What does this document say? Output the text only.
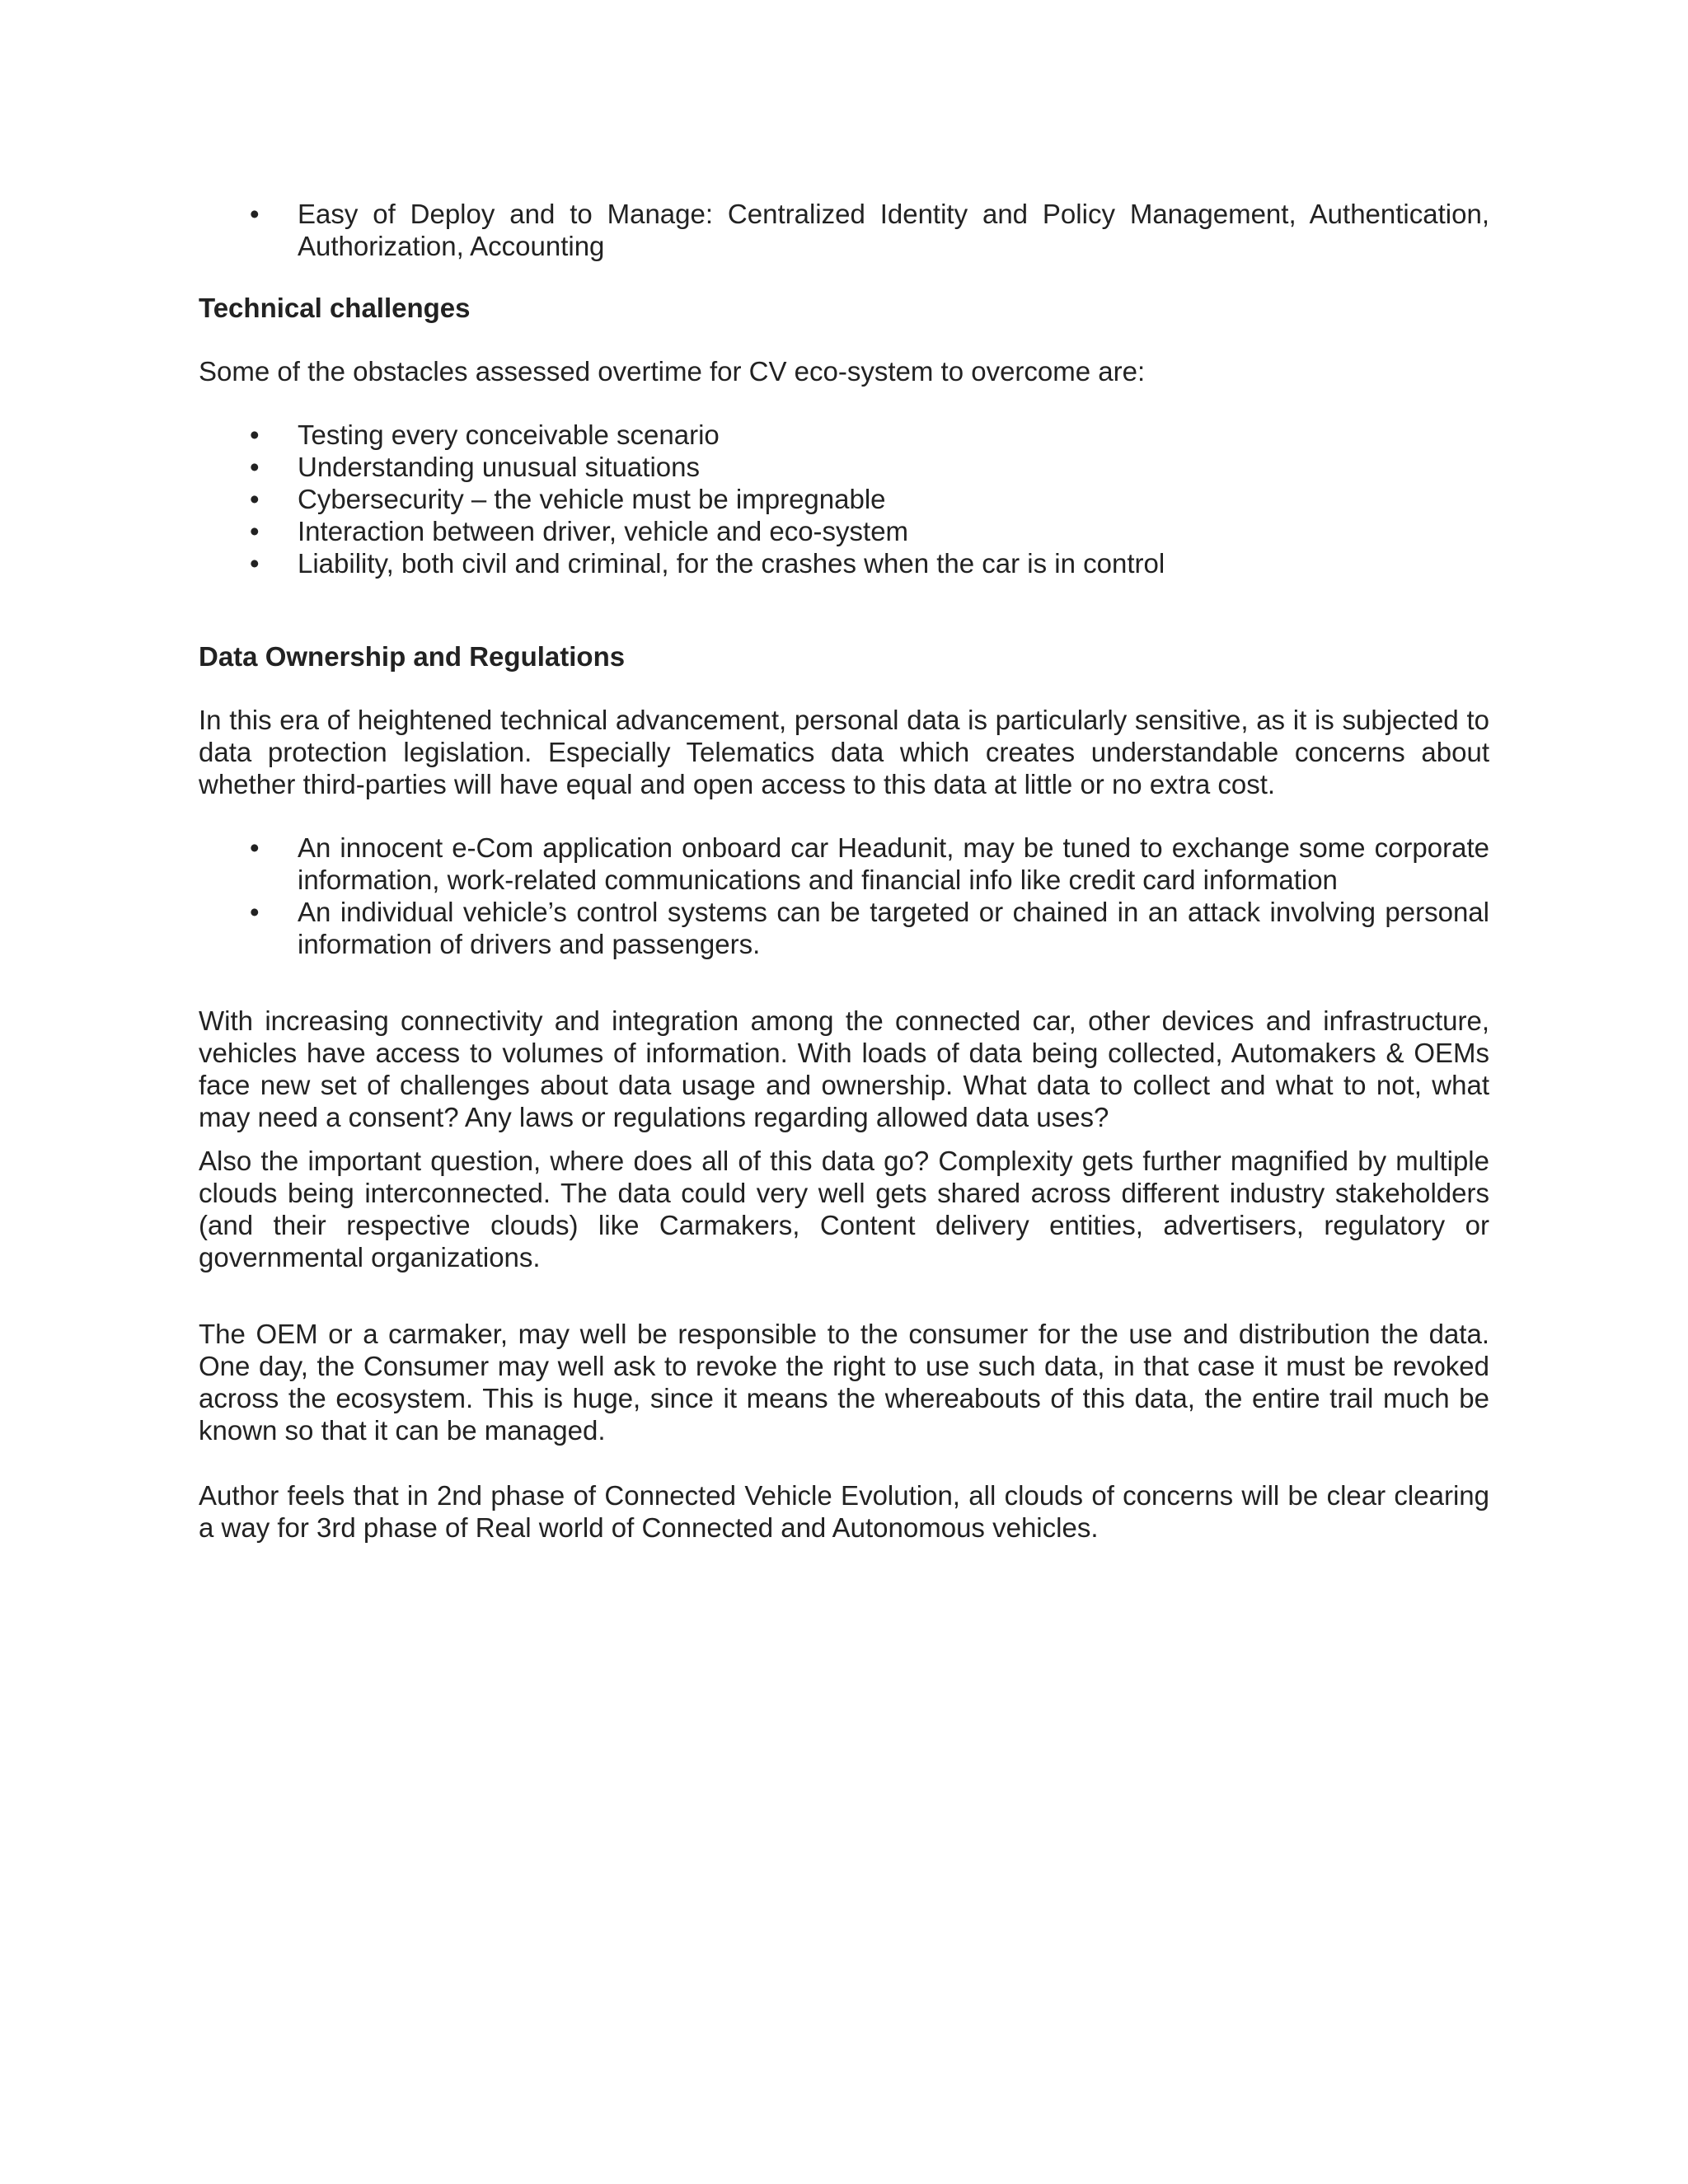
• Easy of Deploy and to Manage: Centralized Identity and Policy Management, Authentication, Authorization, Accounting

Technical challenges

Some of the obstacles assessed overtime for CV eco-system to overcome are:

• Testing every conceivable scenario
• Understanding unusual situations
• Cybersecurity – the vehicle must be impregnable
• Interaction between driver, vehicle and eco-system
• Liability, both civil and criminal, for the crashes when the car is in control

Data Ownership and Regulations

In this era of heightened technical advancement, personal data is particularly sensitive, as it is subjected to data protection legislation. Especially Telematics data which creates understandable concerns about whether third-parties will have equal and open access to this data at little or no extra cost.

• An innocent e-Com application onboard car Headunit, may be tuned to exchange some corporate information, work-related communications and financial info like credit card information
• An individual vehicle’s control systems can be targeted or chained in an attack involving personal information of drivers and passengers.

With increasing connectivity and integration among the connected car, other devices and infrastructure, vehicles have access to volumes of information. With loads of data being collected, Automakers & OEMs face new set of challenges about data usage and ownership. What data to collect and what to not, what may need a consent? Any laws or regulations regarding allowed data uses?

Also the important question, where does all of this data go? Complexity gets further magnified by multiple clouds being interconnected. The data could very well gets shared across different industry stakeholders (and their respective clouds) like Carmakers, Content delivery entities, advertisers, regulatory or governmental organizations.

The OEM or a carmaker, may well be responsible to the consumer for the use and distribution the data. One day, the Consumer may well ask to revoke the right to use such data, in that case it must be revoked across the ecosystem. This is huge, since it means the whereabouts of this data, the entire trail much be known so that it can be managed.

Author feels that in 2nd phase of Connected Vehicle Evolution, all clouds of concerns will be clear clearing a way for 3rd phase of Real world of Connected and Autonomous vehicles.
